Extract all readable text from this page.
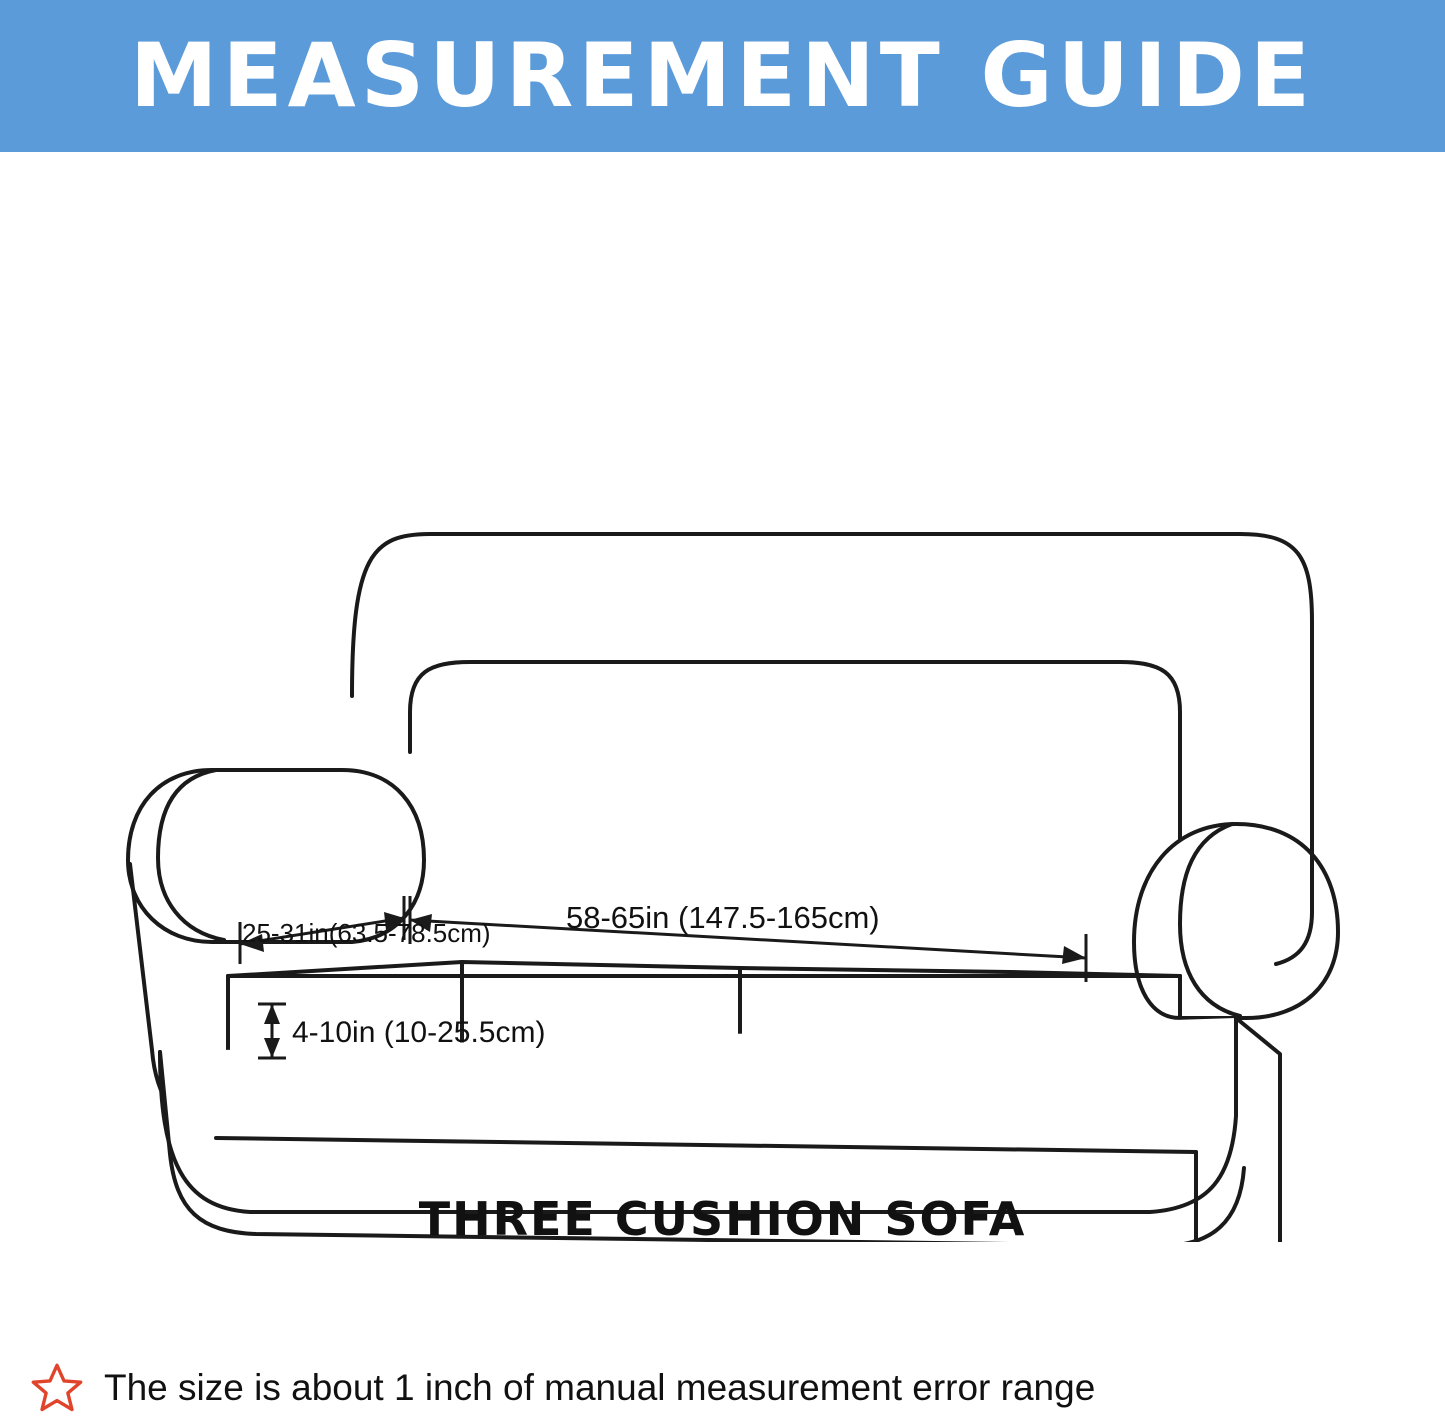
MEASUREMENT GUIDE
58-65in (147.5-165cm)
25-31in(63.5-78.5cm)
4-10in (10-25.5cm)
THREE CUSHION SOFA
The size is about 1 inch of manual measurement error range
